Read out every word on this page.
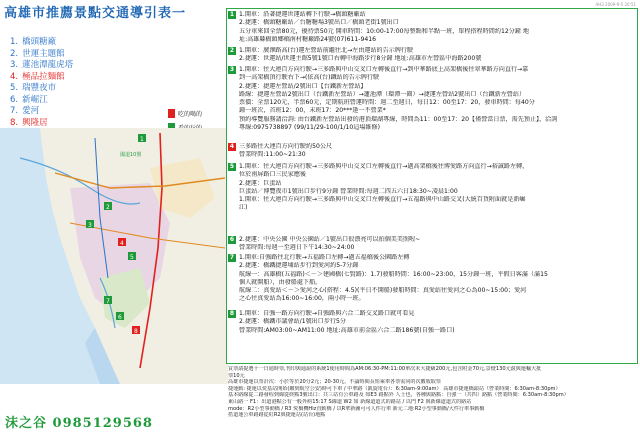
高雄市推薦景點交通導引表一
1. 橋頭糖廠
2. 世運主題館
3. 蓮池潭龍虎塔
4. 極品拉麵館
5. 瑞豐夜市
6. 新崛江
7. 愛河
8. 興隆居
吃的喝的
國道10號
1
2
3
4
5
6
7
8
沫之谷 0985129568
AH3 2009-9-5 20:51
1 1.開車：沿著捷運世運站轉下行駛→橋頭糖廠站
2.捷運：橋頭糖廠站／台糖糖場3號出口／橋頭老街1號出口
五分車來回全票80元，優待票50元 開車時間：10:00-17:00每整點和半點一班，單程搭程時間約12分鐘 地
址:高雄縣橋頭鄉橋南村糖廠路24號(07)611-9416
2 1.開車：廣澤路高(台)運左營站前繼往北→左由運站的告示牌行駛
2.捷運：世運站/世運主館5號1號口右轉中海路步行8分鐘 地址:高雄市左營區中海路200號
3 1.開車：往大連百方向行駛→三多路與中山交叉口左轉後直行→到中華路底上高架橋後往翠華路方向直行→靠
到一高架橋頂行駛右下→(依高(台)鐵站的告示牌行駛
2.捷運：捷運左營站/2號出口【台鐵新左營站】
路線：捷運左營站2號出口（台鐵新左營站）→蓮池潭（環潭一圈）→捷運左營站2號出口（台鐵新左營站）
票價：全票120元，半票60元，定期航班營運時間：週二至週日，每日12：00至17：20，發車時間：每40分
鐘一班次，首班12：00，末班17：20***逢一不營業*
預約導覽服務請洽詢: 由台鐵新左營站出發的港頂環湖專線，時間為11：00至17：20【僅營當日票，需先預止】，洽詢
專線:0975738897 (99/11/29-100/1/10這場維修)
4 三多路往大連百方向行駛約50公尺
營業時間:11:00~21:30
5 1.開車：往大連百方向行駛→三多路與中山交叉口左轉後直行→過高架橋後往博愛路方向直行→裕誠路左轉，
位於南屏路口三民家應後
2.捷運：巨蛋站
巨蛋站／博覽夜市1號出口步行9分鐘 營業時間:每週二四五六日18:30~凌晨1:00
1.開車：往大連百方向行駛→三多路與中山交叉口左轉後直行→五福路與中山路交叉(大統百貨附面就是新崛
江)
6 2.捷運：中央公園 中央公園站／1號出口很漂亮可以拍個美美照喔~
營業時間:每週一至週日下午14:30~24:00
7 1.開車:自強路往北行駛→五福路口左轉→過五福橋後公園路左轉
2.捷運：橋鐵捷運埔站步行到愛河約5-7分鐘
航線一：高雄橋(五福路)＜－＞建國橋(七賢路)：1.7)發船時間：16:00~23:00，15分鐘一班，平假日客滿（滿15
個人就開船），由發船處下船。
航線二：真愛站＜－＞愛河之心(搭程：4.5)(平日不開船)發船時間：真愛站往愛河之心為00~15:00；愛河
之心往真愛站為16:00~16:00，兩小時一班。
8 1.開車：自強一路方向行駛→自強路與六合二路交叉路口就可看見
2.捷運：橋鐵市議會站/1號出口步行5分
營業時間:AM03:00~AM11:00 地址:高雄市前金區六合二路186號(自強一路口)
買票請提選十一日通時票,刊印與通說的系統1使用時間為AM:06:30-PM:11:00單次未大捷級200元,包含附金70元,景燈130元滾與運輸大批
票10元
高雄市捷運以票計次：小於等於20分2元；20-30元。不論時間長短乘車各票需同的次數收取票
捷運動: 捷運以愛基站開始(聯到航空公安)時可下車 / 中華路（凱旋電台）：6:30am-9:00am） 高雄市捷運橋頭站（營業時間：6:30am-8:30pm）
基本路線從二路發程到線從終點3號出口：共三站有公車路及 如E3 路點外 人士也，各種與路點：自強一（共四）路點（營業時間：6:30am-8:30pm）
東山路一 F1：出道港點公有一般外約15:17 S線道 W2 如 新線道道式的路站 / 以門 F2 與新線道道式的路站
mode：R2小型事動橋 / R3 愛橋機Hiz直動橋 / 以R華新圖可可人件行車 新元二地:R2小型事動橋/大件行車事動橋
搭道運公車路路從紅R2與捷運站(站台)地點
